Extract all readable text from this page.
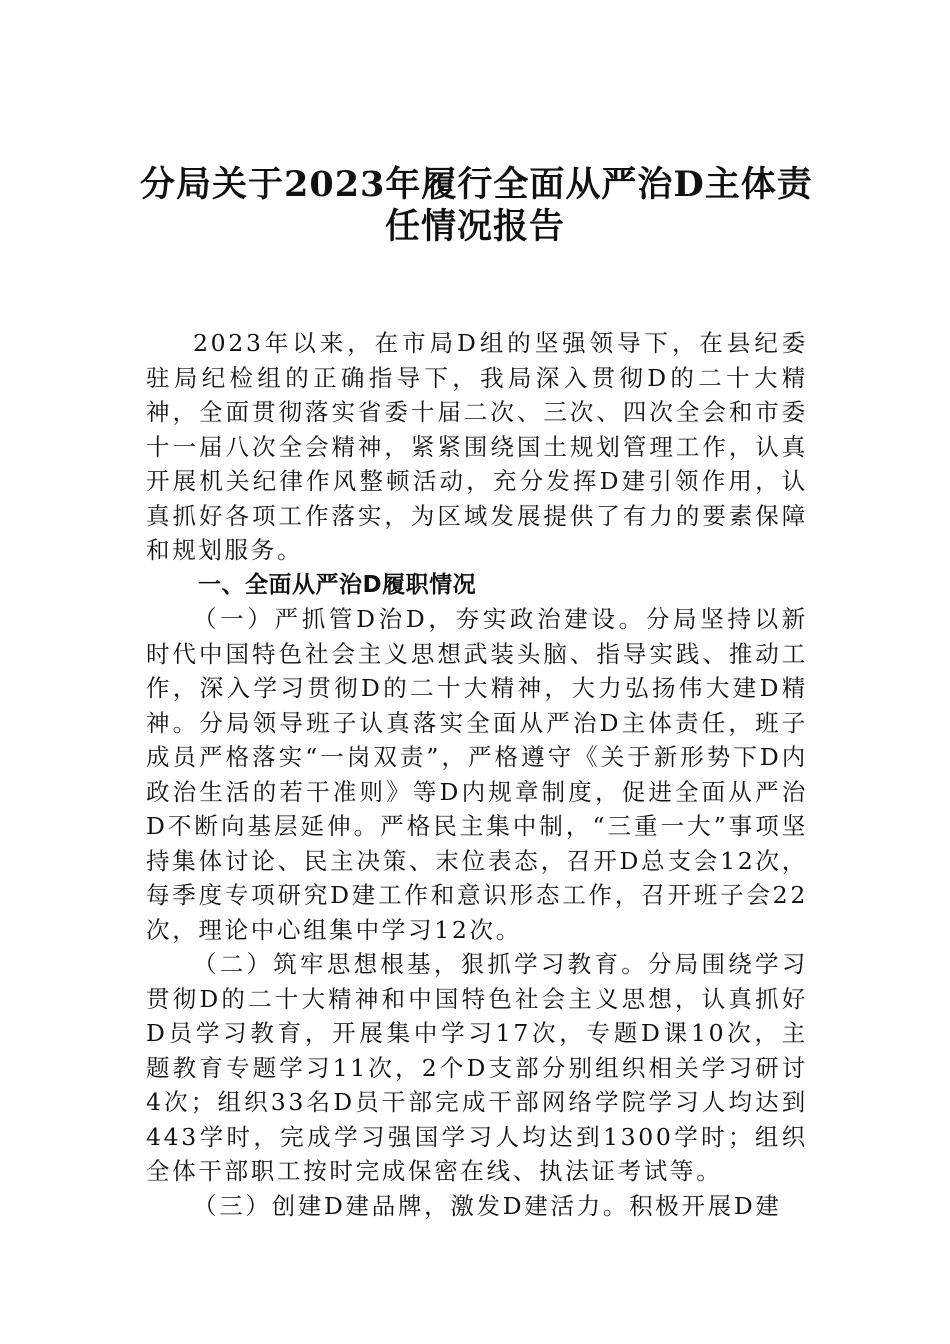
分局关于2023年履行全面从严治D主体责
任情况报告

2023年以来，在市局D组的坚强领导下，在县纪委驻局纪检组的正确指导下，我局深入贯彻D的二十大精神，全面贯彻落实省委十届二次、三次、四次全会和市委十一届八次全会精神，紧紧围绕国土规划管理工作，认真开展机关纪律作风整顿活动，充分发挥D建引领作用，认真抓好各项工作落实，为区域发展提供了有力的要素保障和规划服务。

一、全面从严治D履职情况

（一）严抓管D治D，夯实政治建设。分局坚持以新时代中国特色社会主义思想武装头脑、指导实践、推动工作，深入学习贯彻D的二十大精神，大力弘扬伟大建D精神。分局领导班子认真落实全面从严治D主体责任，班子成员严格落实“一岗双责”，严格遵守《关于新形势下D内政治生活的若干准则》等D内规章制度，促进全面从严治D不断向基层延伸。严格民主集中制，“三重一大”事项坚持集体讨论、民主决策、末位表态，召开D总支会12次，每季度专项研究D建工作和意识形态工作，召开班子会22次，理论中心组集中学习12次。

（二）筑牢思想根基，狠抓学习教育。分局围绕学习贯彻D的二十大精神和中国特色社会主义思想，认真抓好D员学习教育，开展集中学习17次，专题D课10次，主题教育专题学习11次，2个D支部分别组织相关学习研讨4次；组织33名D员干部完成干部网络学院学习人均达到443学时，完成学习强国学习人均达到1300学时；组织全体干部职工按时完成保密在线、执法证考试等。

（三）创建D建品牌，激发D建活力。积极开展D建
